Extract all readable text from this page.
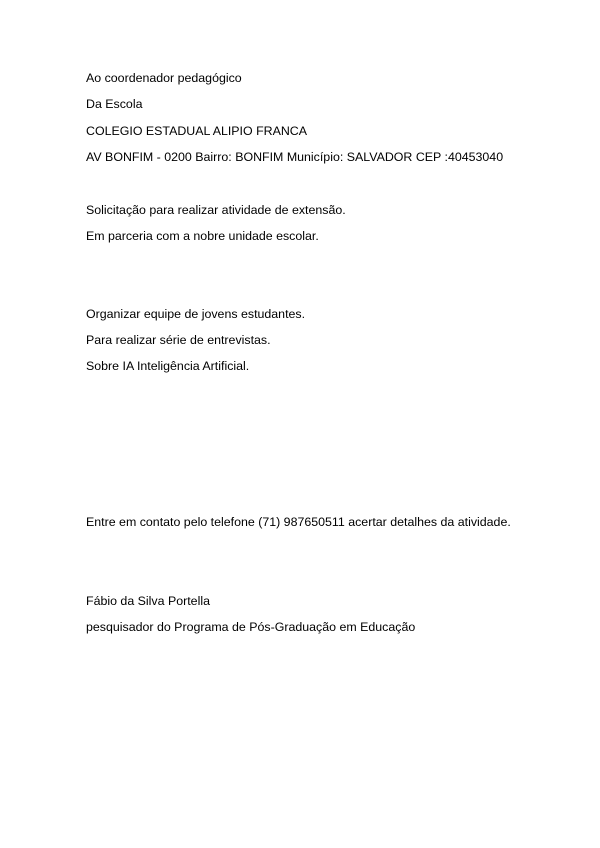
Ao coordenador pedagógico

Da Escola

COLEGIO ESTADUAL ALIPIO FRANCA

AV BONFIM - 0200 Bairro: BONFIM Município: SALVADOR CEP :40453040

Solicitação para realizar atividade de extensão.

Em parceria com a nobre unidade escolar.

Organizar equipe de jovens estudantes.

Para realizar série de entrevistas.

Sobre IA Inteligência Artificial.

Entre em contato pelo telefone (71) 987650511 acertar detalhes da atividade.

Fábio da Silva Portella

pesquisador do Programa de Pós-Graduação em Educação
